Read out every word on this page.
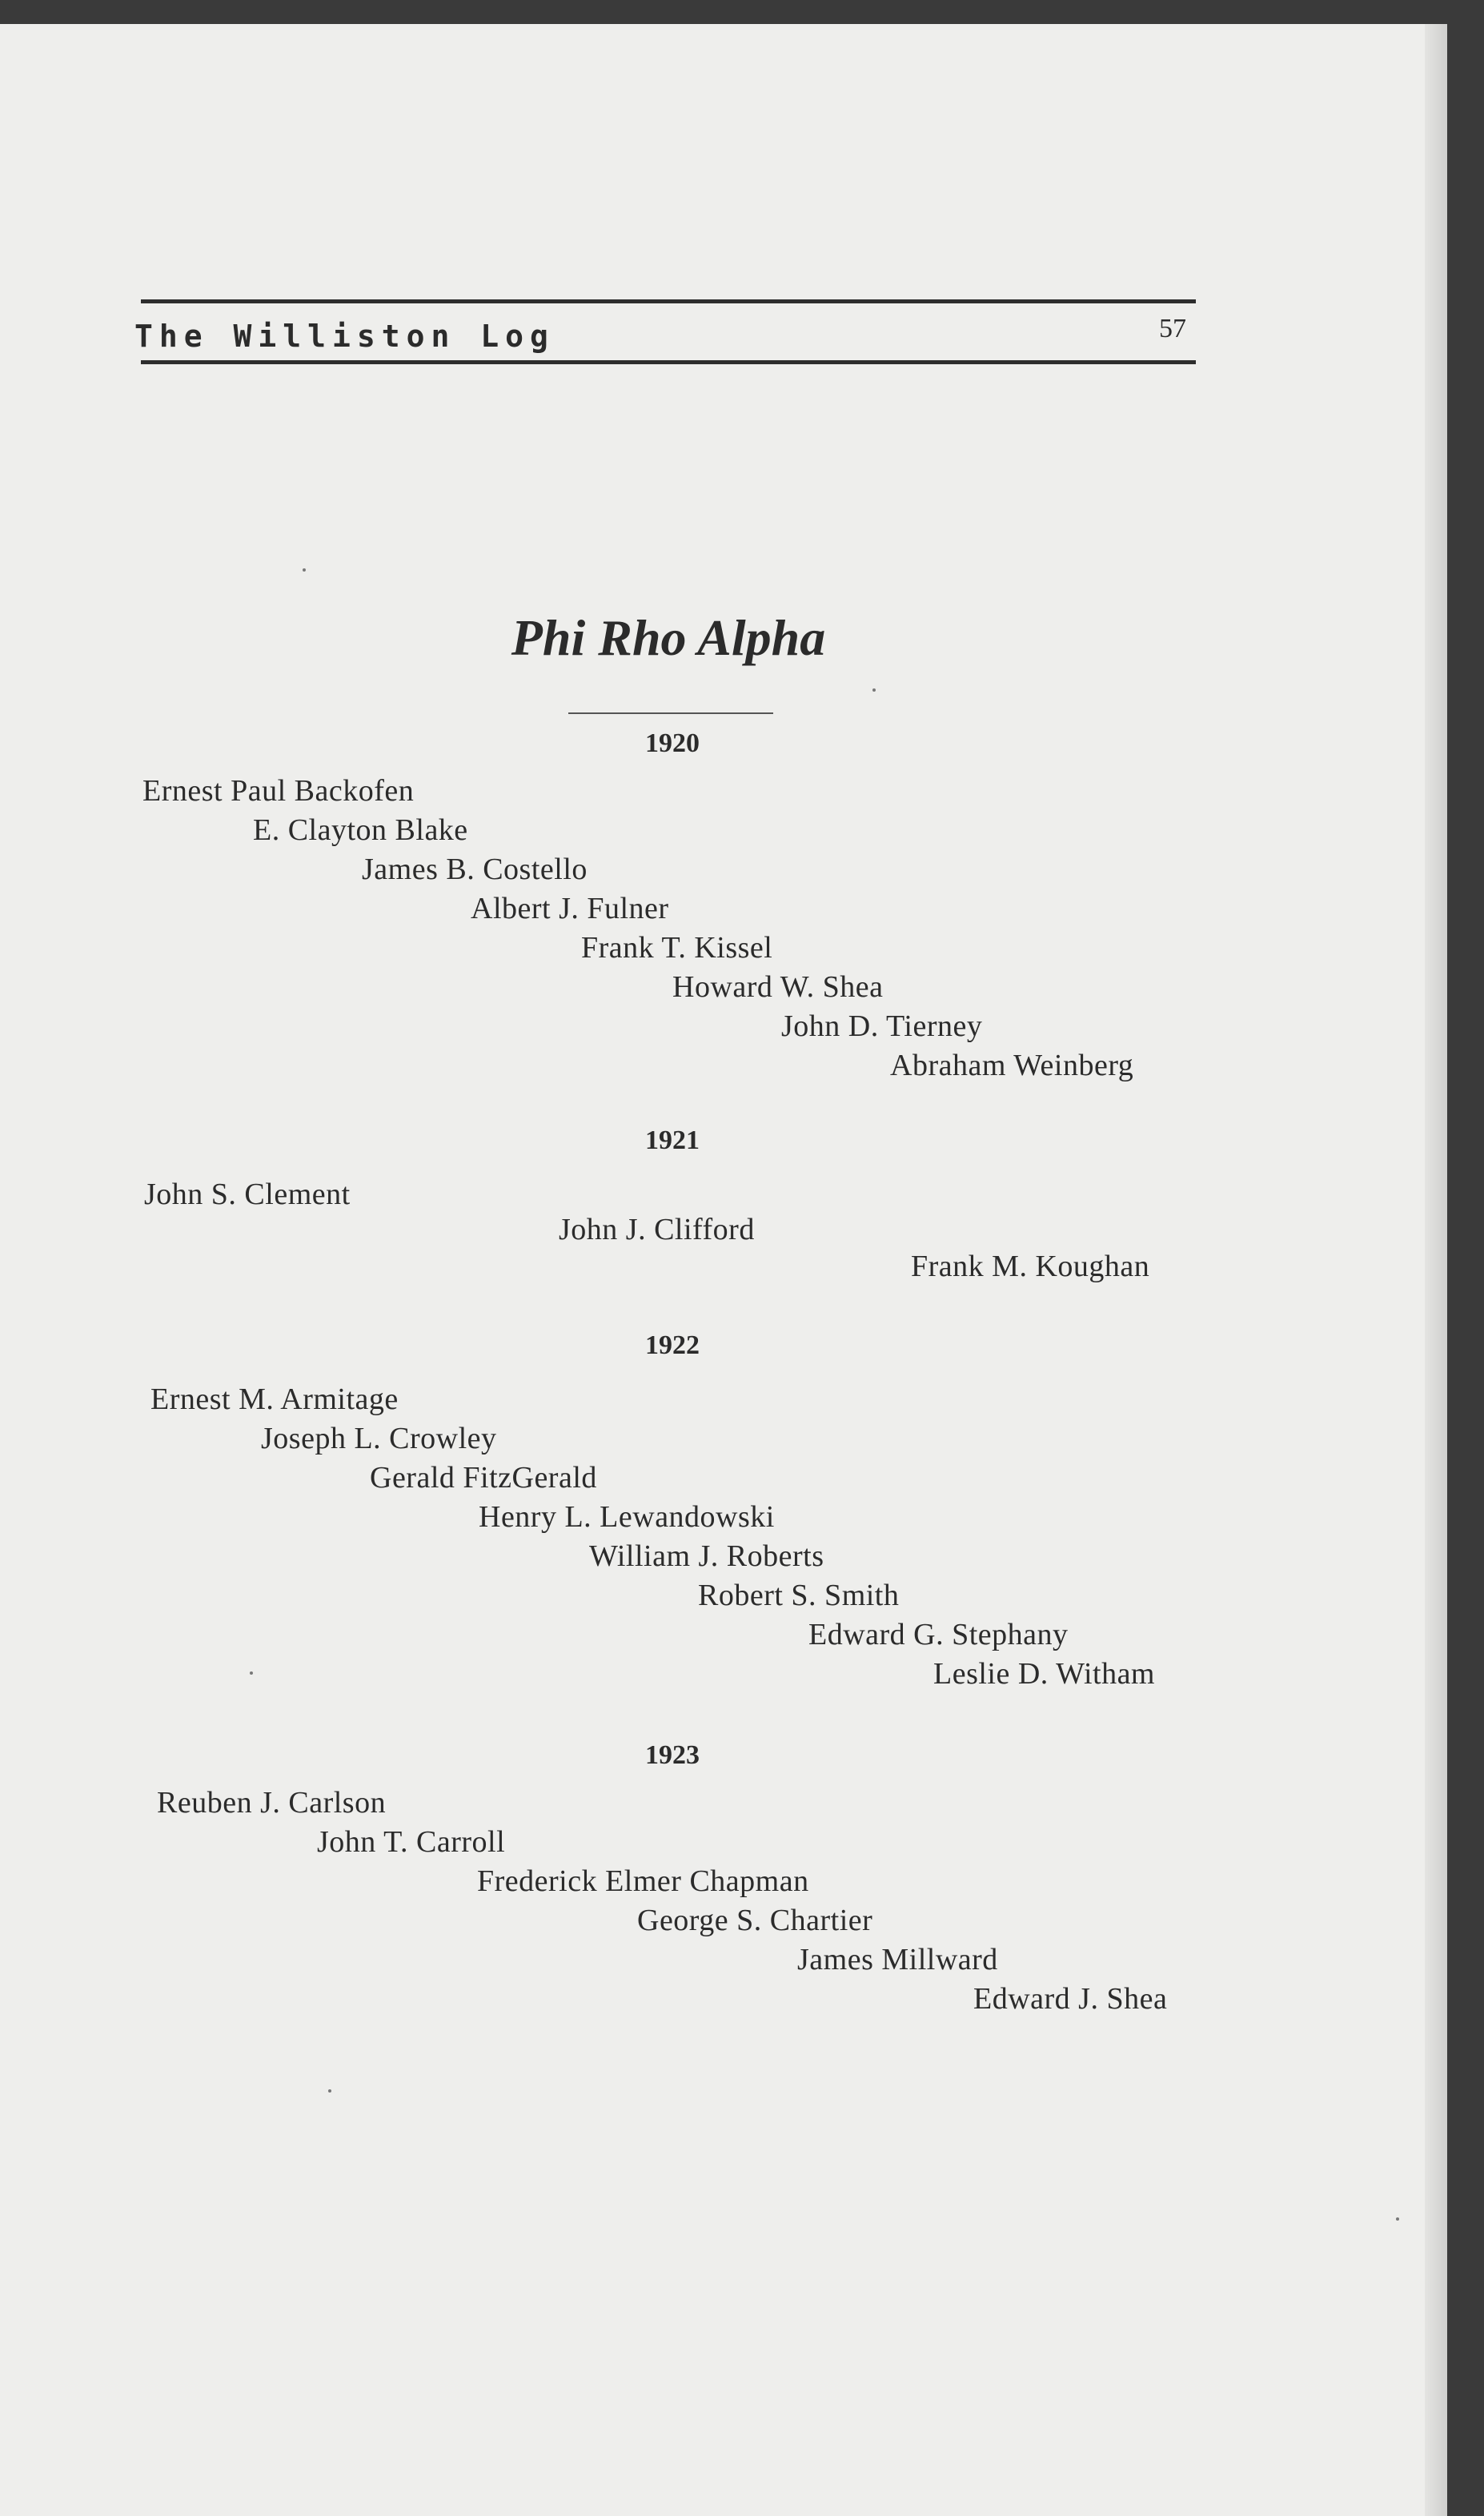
The Williston Log	57
Phi Rho Alpha
1920
Ernest Paul Backofen
E. Clayton Blake
James B. Costello
Albert J. Fulner
Frank T. Kissel
Howard W. Shea
John D. Tierney
Abraham Weinberg
1921
John S. Clement
John J. Clifford
Frank M. Koughan
1922
Ernest M. Armitage
Joseph L. Crowley
Gerald FitzGerald
Henry L. Lewandowski
William J. Roberts
Robert S. Smith
Edward G. Stephany
Leslie D. Witham
1923
Reuben J. Carlson
John T. Carroll
Frederick Elmer Chapman
George S. Chartier
James Millward
Edward J. Shea
